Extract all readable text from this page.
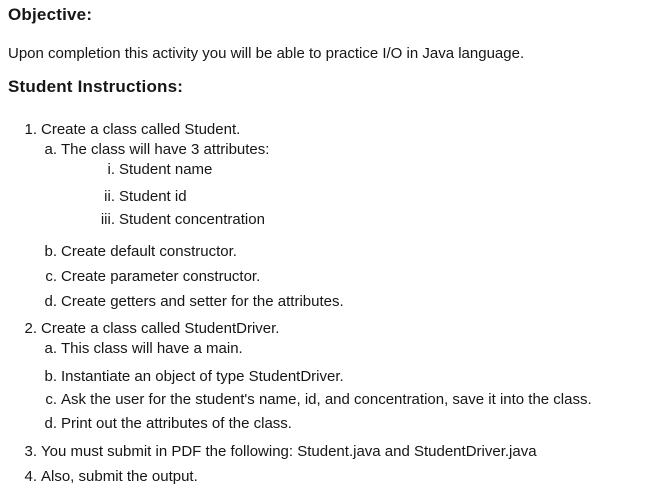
Objective:
Upon completion this activity you will be able to practice I/O in Java language.
Student Instructions:
1. Create a class called Student.
a. The class will have 3 attributes:
i. Student name
ii. Student id
iii. Student concentration
b. Create default constructor.
c. Create parameter constructor.
d. Create getters and setter for the attributes.
2. Create a class called StudentDriver.
a. This class will have a main.
b. Instantiate an object of type StudentDriver.
c. Ask the user for the student's name, id, and concentration, save it into the class.
d. Print out the attributes of the class.
3. You must submit in PDF the following: Student.java and StudentDriver.java
4. Also, submit the output.
